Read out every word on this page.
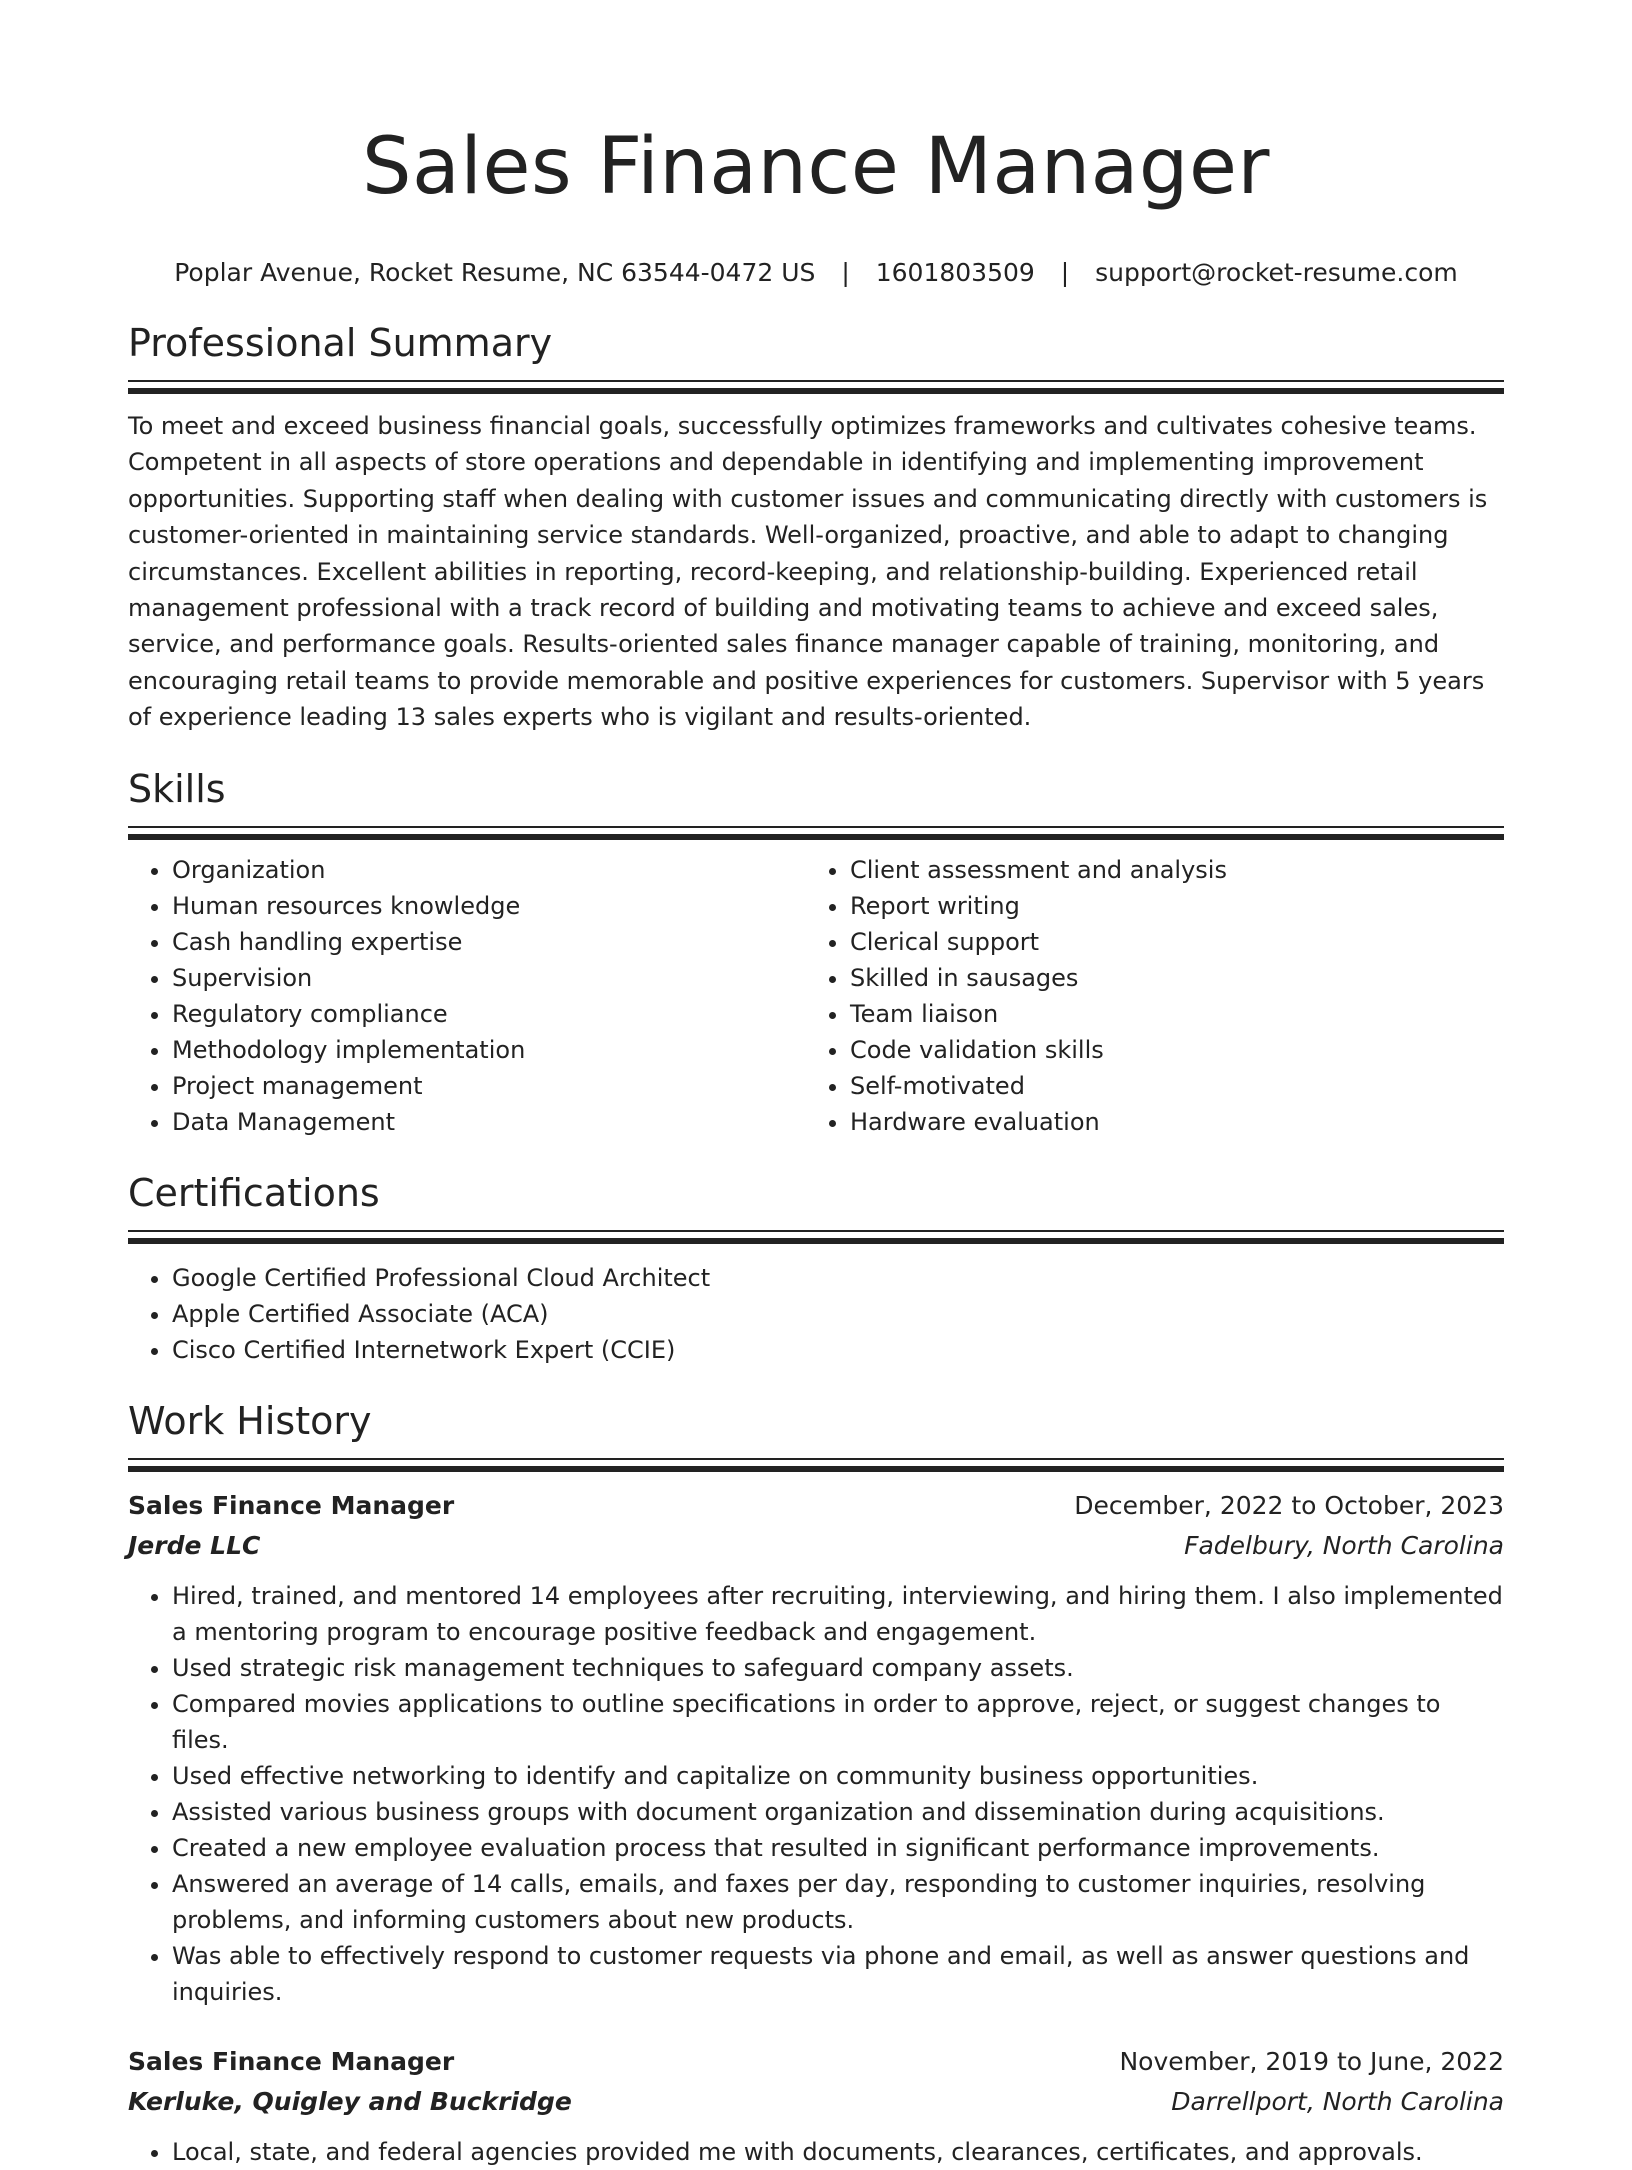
Sales Finance Manager
Poplar Avenue, Rocket Resume, NC 63544-0472 US | 1601803509 | support@rocket-resume.com
Professional Summary
To meet and exceed business financial goals, successfully optimizes frameworks and cultivates cohesive teams. Competent in all aspects of store operations and dependable in identifying and implementing improvement opportunities. Supporting staff when dealing with customer issues and communicating directly with customers is customer-oriented in maintaining service standards. Well-organized, proactive, and able to adapt to changing circumstances. Excellent abilities in reporting, record-keeping, and relationship-building. Experienced retail management professional with a track record of building and motivating teams to achieve and exceed sales, service, and performance goals. Results-oriented sales finance manager capable of training, monitoring, and encouraging retail teams to provide memorable and positive experiences for customers. Supervisor with 5 years of experience leading 13 sales experts who is vigilant and results-oriented.
Skills
• Organization
• Human resources knowledge
• Cash handling expertise
• Supervision
• Regulatory compliance
• Methodology implementation
• Project management
• Data Management
• Client assessment and analysis
• Report writing
• Clerical support
• Skilled in sausages
• Team liaison
• Code validation skills
• Self-motivated
• Hardware evaluation
Certifications
• Google Certified Professional Cloud Architect
• Apple Certified Associate (ACA)
• Cisco Certified Internetwork Expert (CCIE)
Work History
Sales Finance Manager	December, 2022 to October, 2023
Jerde LLC	Fadelbury, North Carolina
• Hired, trained, and mentored 14 employees after recruiting, interviewing, and hiring them. I also implemented a mentoring program to encourage positive feedback and engagement.
• Used strategic risk management techniques to safeguard company assets.
• Compared movies applications to outline specifications in order to approve, reject, or suggest changes to files.
• Used effective networking to identify and capitalize on community business opportunities.
• Assisted various business groups with document organization and dissemination during acquisitions.
• Created a new employee evaluation process that resulted in significant performance improvements.
• Answered an average of 14 calls, emails, and faxes per day, responding to customer inquiries, resolving problems, and informing customers about new products.
• Was able to effectively respond to customer requests via phone and email, as well as answer questions and inquiries.
Sales Finance Manager	November, 2019 to June, 2022
Kerluke, Quigley and Buckridge	Darrellport, North Carolina
• Local, state, and federal agencies provided me with documents, clearances, certificates, and approvals.
